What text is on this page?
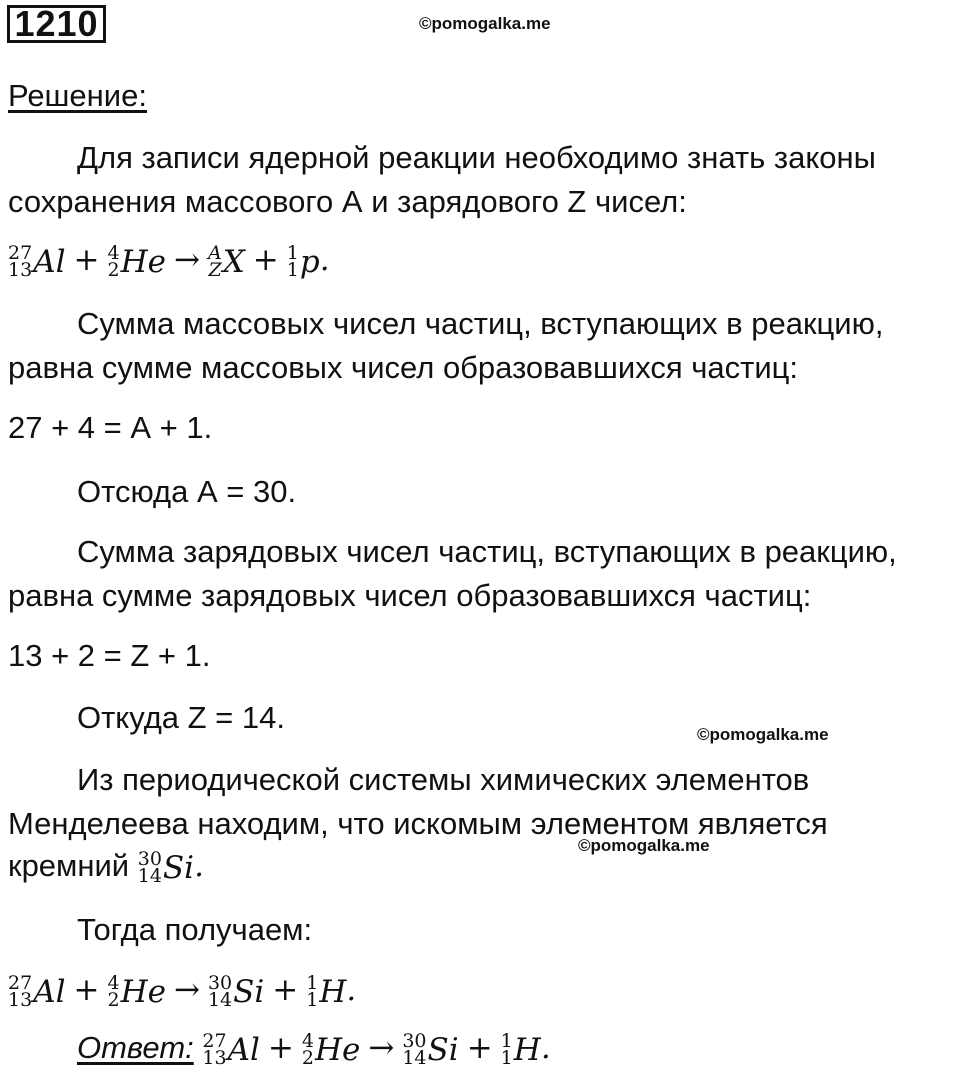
1210	©pomogalka.me
Решение:
Для записи ядерной реакции необходимо знать законы
сохранения массового А и зарядового Z чисел:
27
13 Al + 4
2 He → A
Z X + 1
1 p .
Сумма массовых чисел частиц, вступающих в реакцию,
равна сумме массовых чисел образовавшихся частиц:
27 + 4 = А + 1.
Отсюда А = 30.
Сумма зарядовых чисел частиц, вступающих в реакцию,
равна сумме зарядовых чисел образовавшихся частиц:
13 + 2 = Z + 1.
Откуда Z = 14.	©pomogalka.me
Из периодической системы химических элементов
Менделеева находим, что искомым элементом является
©pomogalka.me
кремний 30
14 Si .
Тогда получаем:
27
13 Al + 4
2 He → 30
14 Si + 1
1 H .
Ответ: 27
13 Al + 4
2 He → 30
14 Si + 1
1 H .
